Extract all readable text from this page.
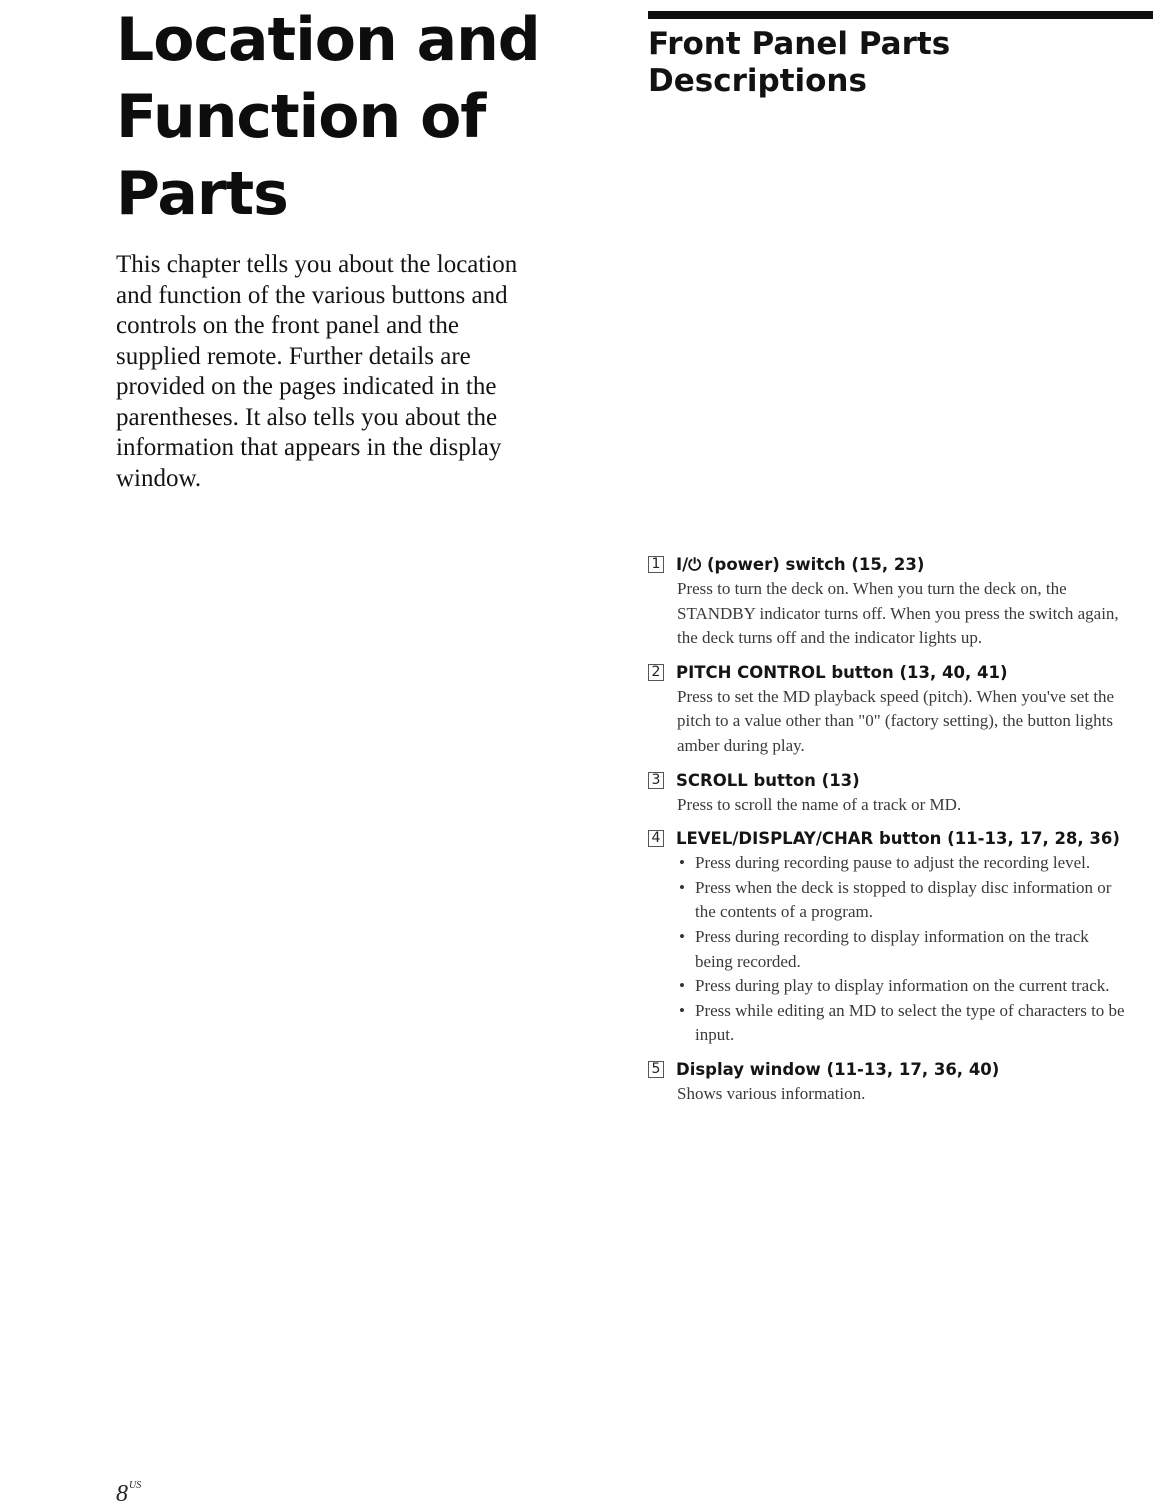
Location and Function of Parts

This chapter tells you about the location and function of the various buttons and controls on the front panel and the supplied remote. Further details are provided on the pages indicated in the parentheses. It also tells you about the information that appears in the display window.

Front Panel Parts Descriptions
1 I/⏻ (power) switch (15, 23)

Press to turn the deck on. When you turn the deck on, the STANDBY indicator turns off. When you press the switch again, the deck turns off and the indicator lights up.

2 PITCH CONTROL button (13, 40, 41)

Press to set the MD playback speed (pitch). When you've set the pitch to a value other than "0" (factory setting), the button lights amber during play.

3 SCROLL button (13)

Press to scroll the name of a track or MD.

4 LEVEL/DISPLAY/CHAR button (11-13, 17, 28, 36)
• Press during recording pause to adjust the recording level.
• Press when the deck is stopped to display disc information or the contents of a program.
• Press during recording to display information on the track being recorded.
• Press during play to display information on the current track.
• Press while editing an MD to select the type of characters to be input.
5 Display window (11-13, 17, 36, 40)

Shows various information.

$8^{US}$
